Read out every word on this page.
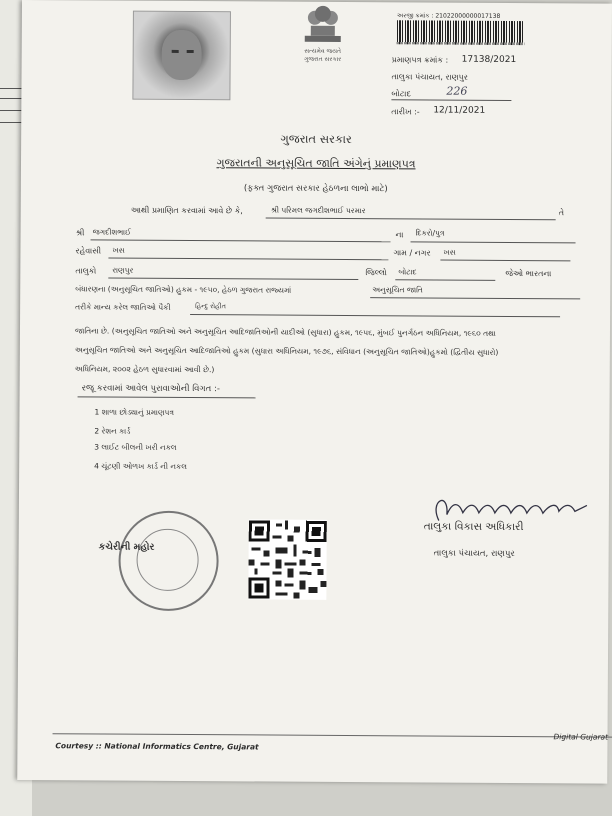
સત્યમેવ જયતે
ગુજરાત સરકાર
અરજી ક્રમાંક : 21022000000017138
પ્રમાણપત્ર ક્રમાંક : 17138/2021
તાલુકા પંચાયત, રાણપુર
બોટાદ	226
તારીખ :- 12/11/2021
ગુજરાત સરકાર
ગુજરાતની અનુસૂચિત જાતિ અંગેનું પ્રમાણપત્ર
(ફક્ત ગુજરાત સરકાર હેઠળના લાભો માટે)
આથી પ્રમાણિત કરવામાં આવે છે કે,	શ્રી પરિમલ જગદીશભાઈ પરમાર	તે
શ્રી જગદીશભાઈ	ના દિકરો/પુત્ર
રહેવાસી ખસ	ગામ / નગર ખસ
તાલુકો રાણપુર	જિલ્લો બોટાદ	જેઓ ભારતના
બંધારણના (અનુસૂચિત જાતિઓ) હુકમ - ૧૯૫૦, હેઠળ ગુજરાત રાજ્યમાં	અનુસૂચિત જાતિ
તરીકે માન્ય કરેલ જાતિઓ પૈકી	હિન્દુ રોહીત
જાતિના છે. (અનુસૂચિત જાતિઓ અને અનુસૂચિત આદિજાતિઓની યાદીઓ (સુધારા) હુકમ, ૧૯૫૬, મુંબઈ પુનર્ગઠન અધિનિયમ, ૧૯૬૦ તથા
અનુસૂચિત જાતિઓ અને અનુસૂચિત આદિજાતિઓ હુકમ (સુધારા અધિનિયમ, ૧૯૭૬, સંવિધાન (અનુસૂચિત જાતિઓ)હુકમો (દ્વિતીય સુધારો)
અધિનિયમ, ૨૦૦૨ હેઠળ સુધારવામાં આવી છે.)
રજૂ કરવામાં આવેલ પુરાવાઓની વિગત :-
1 શાળા છોડ્યાનું પ્રમાણપત્ર
2 રેશન કાર્ડ
3 લાઈટ બીલની ખરી નકલ
4 ચૂંટણી ઓળખ કાર્ડ ની નકલ
કચેરીની મહોર
તાલુકા વિકાસ અધિકારી
તાલુકા પંચાયત, રાણપુર
Courtesy :: National Informatics Centre, Gujarat
Digital Gujarat
